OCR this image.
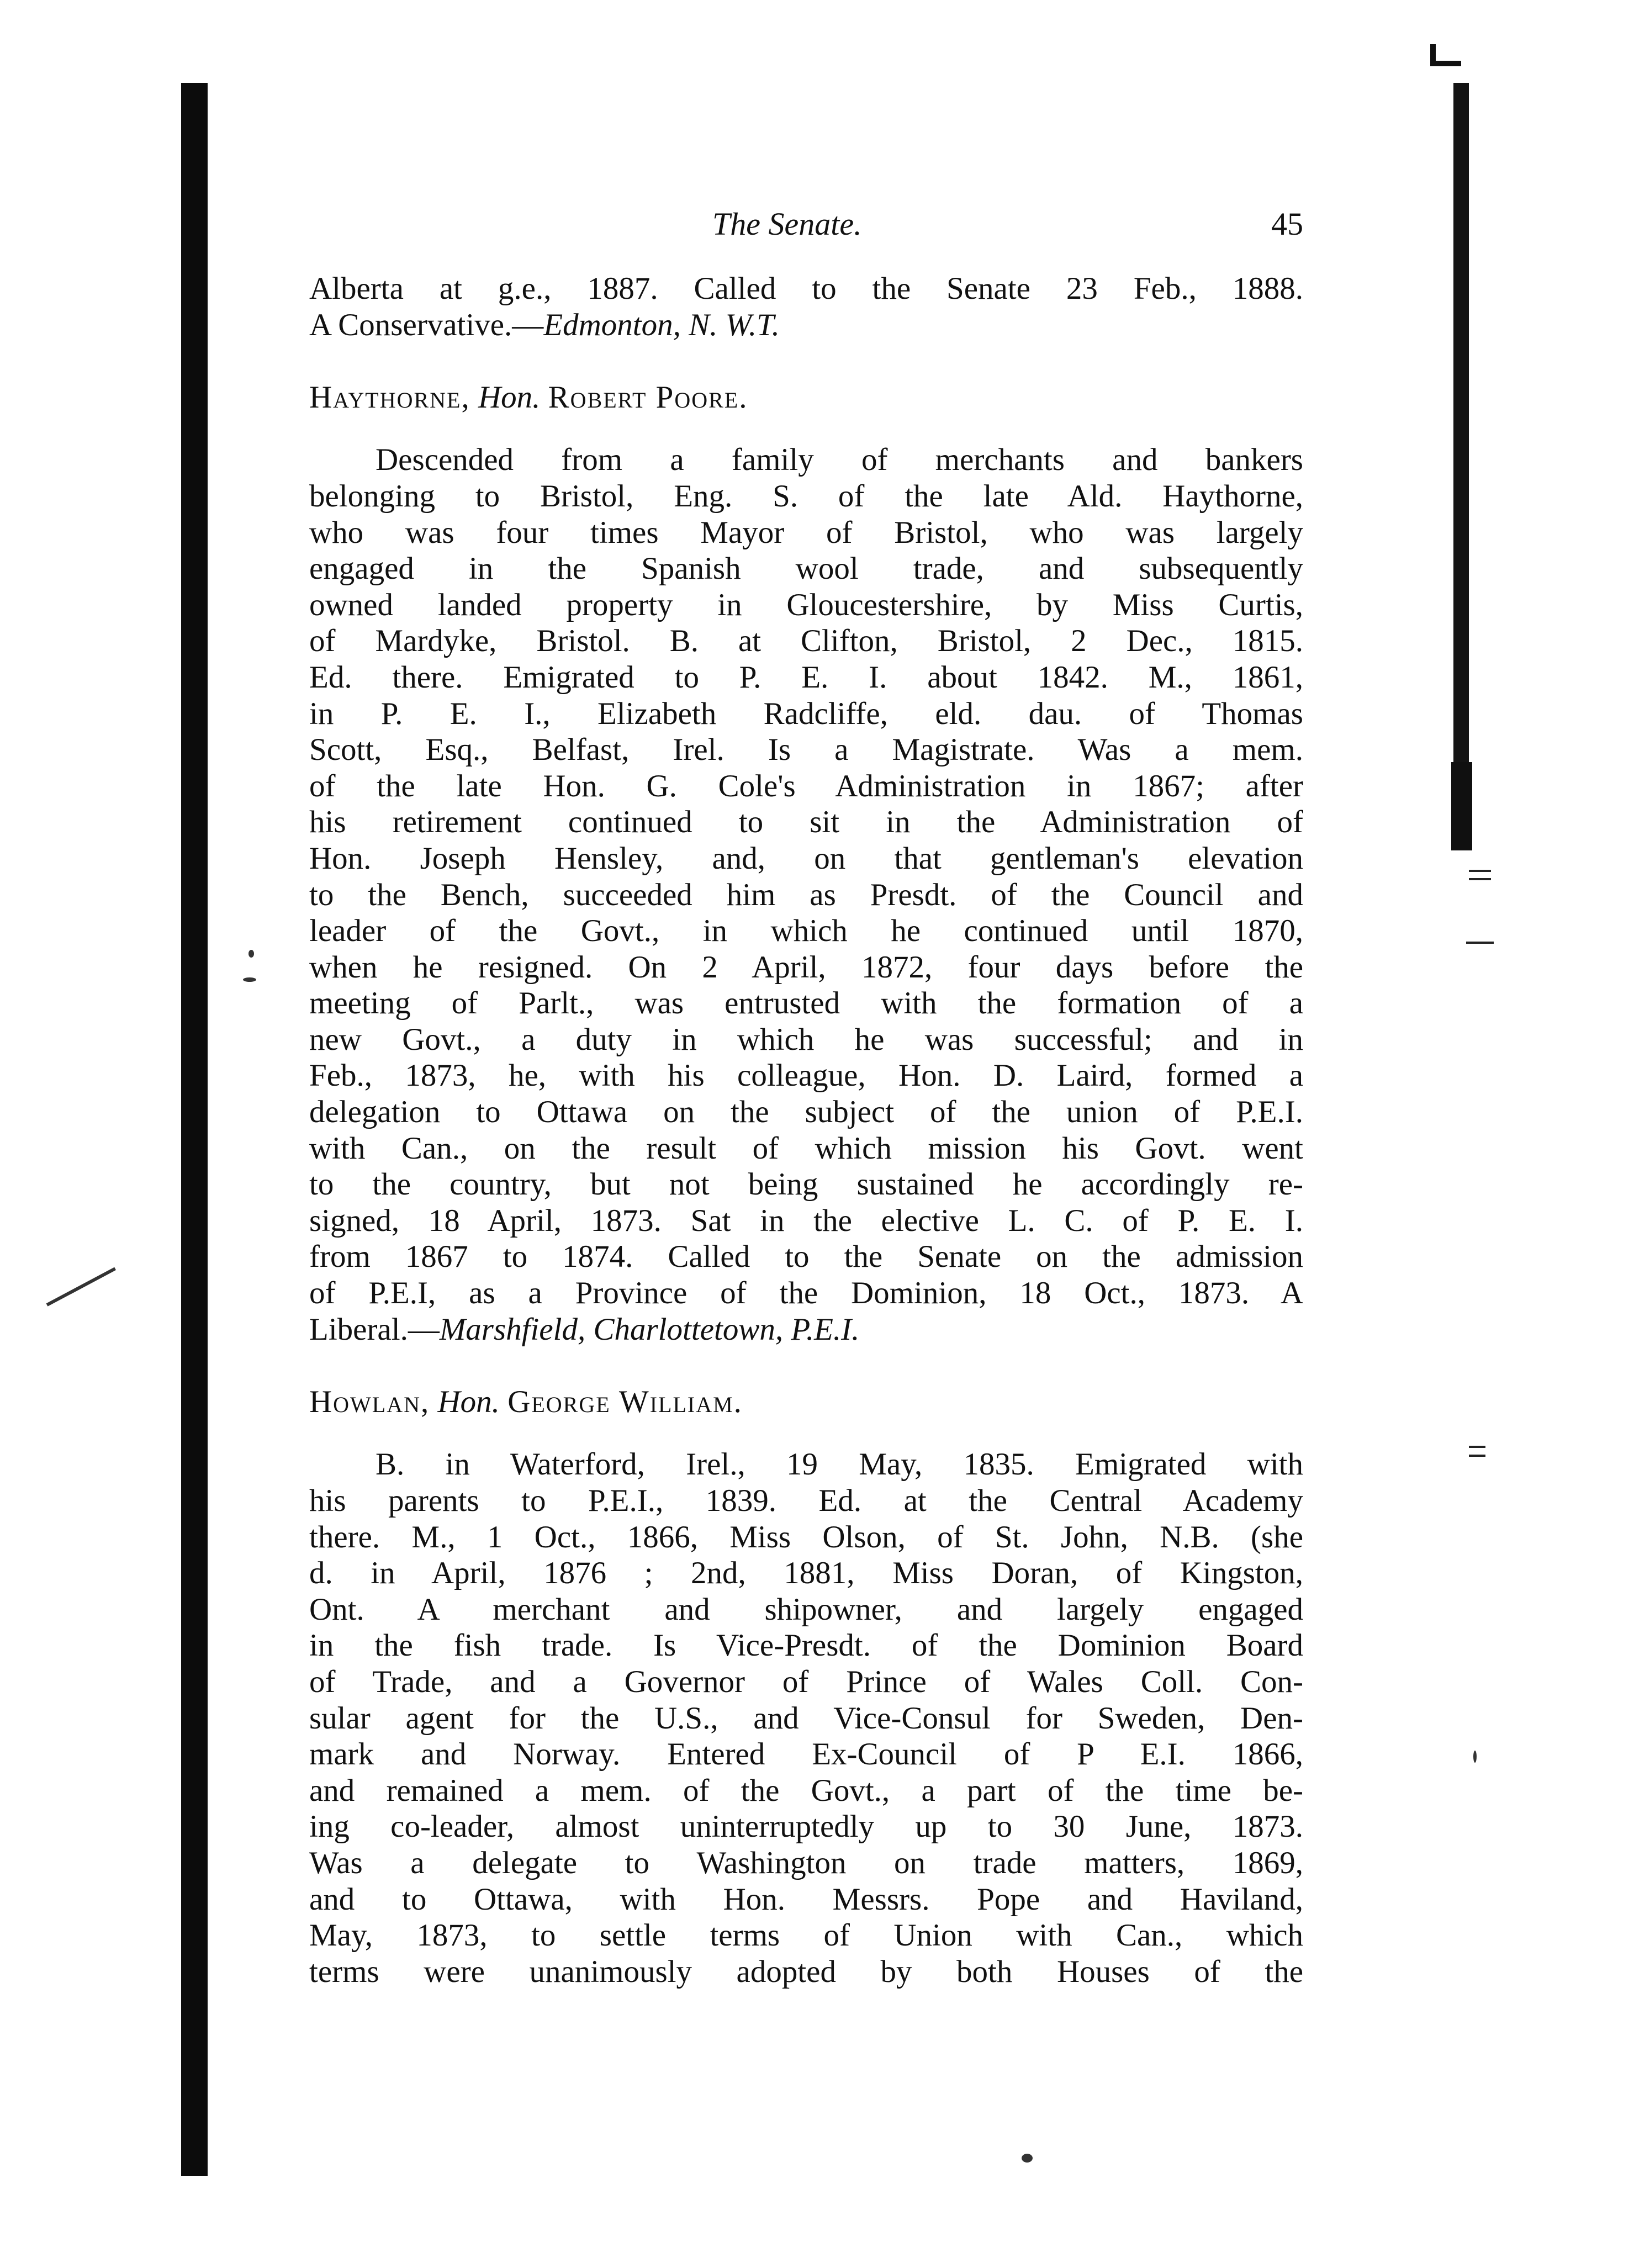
The Senate.	45

Alberta at g.e., 1887. Called to the Senate 23 Feb., 1888.

A Conservative.—Edmonton, N. W.T.

Haythorne, Hon. Robert Poore.

Descended from a family of merchants and bankers

belonging to Bristol, Eng. S. of the late Ald. Haythorne,

who was four times Mayor of Bristol, who was largely

engaged in the Spanish wool trade, and subsequently

owned landed property in Gloucestershire, by Miss Curtis,

of Mardyke, Bristol. B. at Clifton, Bristol, 2 Dec., 1815.

Ed. there. Emigrated to P. E. I. about 1842. M., 1861,

in P. E. I., Elizabeth Radcliffe, eld. dau. of Thomas

Scott, Esq., Belfast, Irel. Is a Magistrate. Was a mem.

of the late Hon. G. Cole's Administration in 1867; after

his retirement continued to sit in the Administration of

Hon. Joseph Hensley, and, on that gentleman's elevation

to the Bench, succeeded him as Presdt. of the Council and

leader of the Govt., in which he continued until 1870,

when he resigned. On 2 April, 1872, four days before the

meeting of Parlt., was entrusted with the formation of a

new Govt., a duty in which he was successful; and in

Feb., 1873, he, with his colleague, Hon. D. Laird, formed a

delegation to Ottawa on the subject of the union of P.E.I.

with Can., on the result of which mission his Govt. went

to the country, but not being sustained he accordingly re-

signed, 18 April, 1873. Sat in the elective L. C. of P. E. I.

from 1867 to 1874. Called to the Senate on the admission

of P.E.I, as a Province of the Dominion, 18 Oct., 1873. A

Liberal.—Marshfield, Charlottetown, P.E.I.

Howlan, Hon. George William.

B. in Waterford, Irel., 19 May, 1835. Emigrated with

his parents to P.E.I., 1839. Ed. at the Central Academy

there. M., 1 Oct., 1866, Miss Olson, of St. John, N.B. (she

d. in April, 1876 ; 2nd, 1881, Miss Doran, of Kingston,

Ont. A merchant and shipowner, and largely engaged

in the fish trade. Is Vice-Presdt. of the Dominion Board

of Trade, and a Governor of Prince of Wales Coll. Con-

sular agent for the U.S., and Vice-Consul for Sweden, Den-

mark and Norway. Entered Ex-Council of P E.I. 1866,

and remained a mem. of the Govt., a part of the time be-

ing co-leader, almost uninterruptedly up to 30 June, 1873.

Was a delegate to Washington on trade matters, 1869,

and to Ottawa, with Hon. Messrs. Pope and Haviland,

May, 1873, to settle terms of Union with Can., which

terms were unanimously adopted by both Houses of the
